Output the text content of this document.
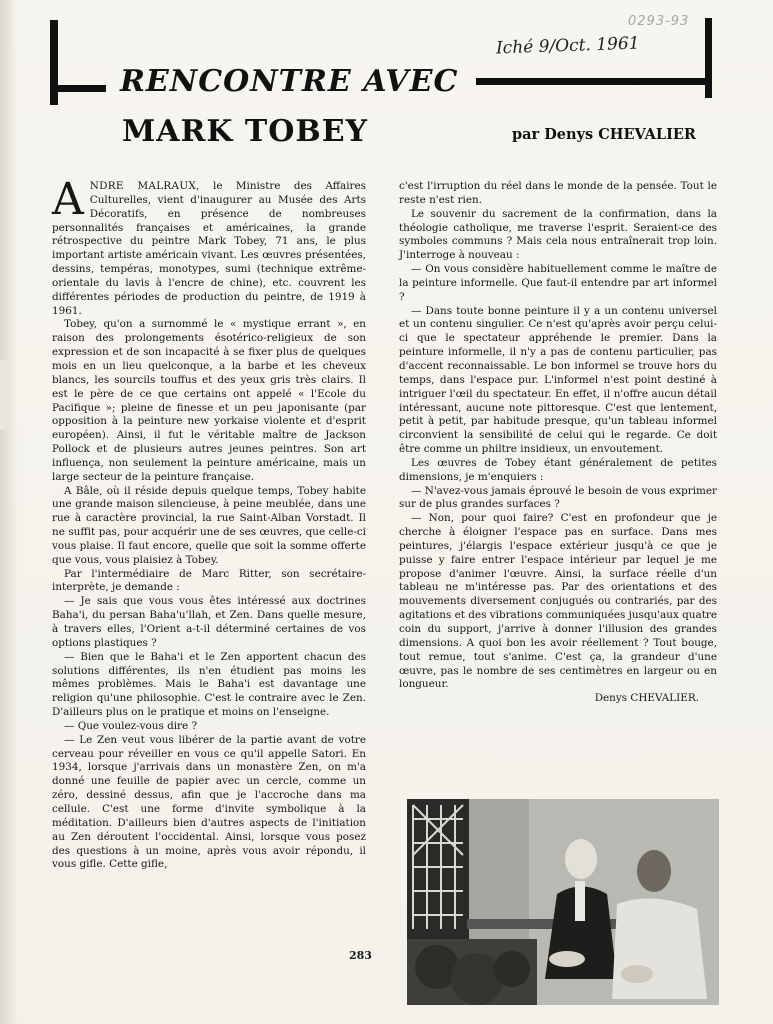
0293-93
Iché 9/Oct. 1961
RENCONTRE AVEC
MARK TOBEY	par Denys CHEVALIER

ANDRE MALRAUX, le Ministre des Affaires Culturelles, vient d'inaugurer au Musée des Arts Décoratifs, en présence de nombreuses personnalités françaises et américaines, la grande rétrospective du peintre Mark Tobey, 71 ans, le plus important artiste américain vivant. Les œuvres présentées, dessins, tempéras, monotypes, sumi (technique extrême-orientale du lavis à l'encre de chine), etc. couvrent les différentes périodes de production du peintre, de 1919 à 1961.

Tobey, qu'on a surnommé le « mystique errant », en raison des prolongements ésotérico-religieux de son expression et de son incapacité à se fixer plus de quelques mois en un lieu quelconque, a la barbe et les cheveux blancs, les sourcils touffus et des yeux gris très clairs. Il est le père de ce que certains ont appelé « l'Ecole du Pacifique »; pleine de finesse et un peu japonisante (par opposition à la peinture new yorkaise violente et d'esprit européen). Ainsi, il fut le véritable maître de Jackson Pollock et de plusieurs autres jeunes peintres. Son art influença, non seulement la peinture américaine, mais un large secteur de la peinture française.

A Bâle, où il réside depuis quelque temps, Tobey habite une grande maison silencieuse, à peine meublée, dans une rue à caractère provincial, la rue Saint-Alban Vorstadt. Il ne suffit pas, pour acquérir une de ses œuvres, que celle-ci vous plaise. Il faut encore, quelle que soit la somme offerte que vous, vous plaisiez à Tobey.

Par l'intermédiaire de Marc Ritter, son secrétaire-interprète, je demande :

— Je sais que vous vous êtes intéressé aux doctrines Baha'i, du persan Baha'u'llah, et Zen. Dans quelle mesure, à travers elles, l'Orient a-t-il déterminé certaines de vos options plastiques ?

— Bien que le Baha'i et le Zen apportent chacun des solutions différentes, ils n'en étudient pas moins les mêmes problèmes. Mais le Baha'i est davantage une religion qu'une philosophie. C'est le contraire avec le Zen. D'ailleurs plus on le pratique et moins on l'enseigne.

— Que voulez-vous dire ?

— Le Zen veut vous libérer de la partie avant de votre cerveau pour réveiller en vous ce qu'il appelle Satori. En 1934, lorsque j'arrivais dans un monastère Zen, on m'a donné une feuille de papier avec un cercle, comme un zéro, dessiné dessus, afin que je l'accroche dans ma cellule. C'est une forme d'invite symbolique à la méditation. D'ailleurs bien d'autres aspects de l'initiation au Zen déroutent l'occidental. Ainsi, lorsque vous posez des questions à un moine, après vous avoir répondu, il vous gifle. Cette gifle,

c'est l'irruption du réel dans le monde de la pensée. Tout le reste n'est rien.

Le souvenir du sacrement de la confirmation, dans la théologie catholique, me traverse l'esprit. Seraient-ce des symboles communs ? Mais cela nous entraînerait trop loin. J'interroge à nouveau :

— On vous considère habituellement comme le maître de la peinture informelle. Que faut-il entendre par art informel ?

— Dans toute bonne peinture il y a un contenu universel et un contenu singulier. Ce n'est qu'après avoir perçu celui-ci que le spectateur appréhende le premier. Dans la peinture informelle, il n'y a pas de contenu particulier, pas d'accent reconnaissable. Le bon informel se trouve hors du temps, dans l'espace pur. L'informel n'est point destiné à intriguer l'œil du spectateur. En effet, il n'offre aucun détail intéressant, aucune note pittoresque. C'est que lentement, petit à petit, par habitude presque, qu'un tableau informel circonvient la sensibilité de celui qui le regarde. Ce doit être comme un philtre insidieux, un envoutement.

Les œuvres de Tobey étant généralement de petites dimensions, je m'enquiers :

— N'avez-vous jamais éprouvé le besoin de vous exprimer sur de plus grandes surfaces ?

— Non, pour quoi faire? C'est en profondeur que je cherche à éloigner l'espace pas en surface. Dans mes peintures, j'élargis l'espace extérieur jusqu'à ce que je puisse y faire entrer l'espace intérieur par lequel je me propose d'animer l'œuvre. Ainsi, la surface réelle d'un tableau ne m'intéresse pas. Par des orientations et des mouvements diversement conjugués ou contrariés, par des agitations et des vibrations communiquées jusqu'aux quatre coin du support, j'arrive à donner l'illusion des grandes dimensions. A quoi bon les avoir réellement ? Tout bouge, tout remue, tout s'anime. C'est ça, la grandeur d'une œuvre, pas le nombre de ses centimètres en largeur ou en longueur.

Denys CHEVALIER.

283
